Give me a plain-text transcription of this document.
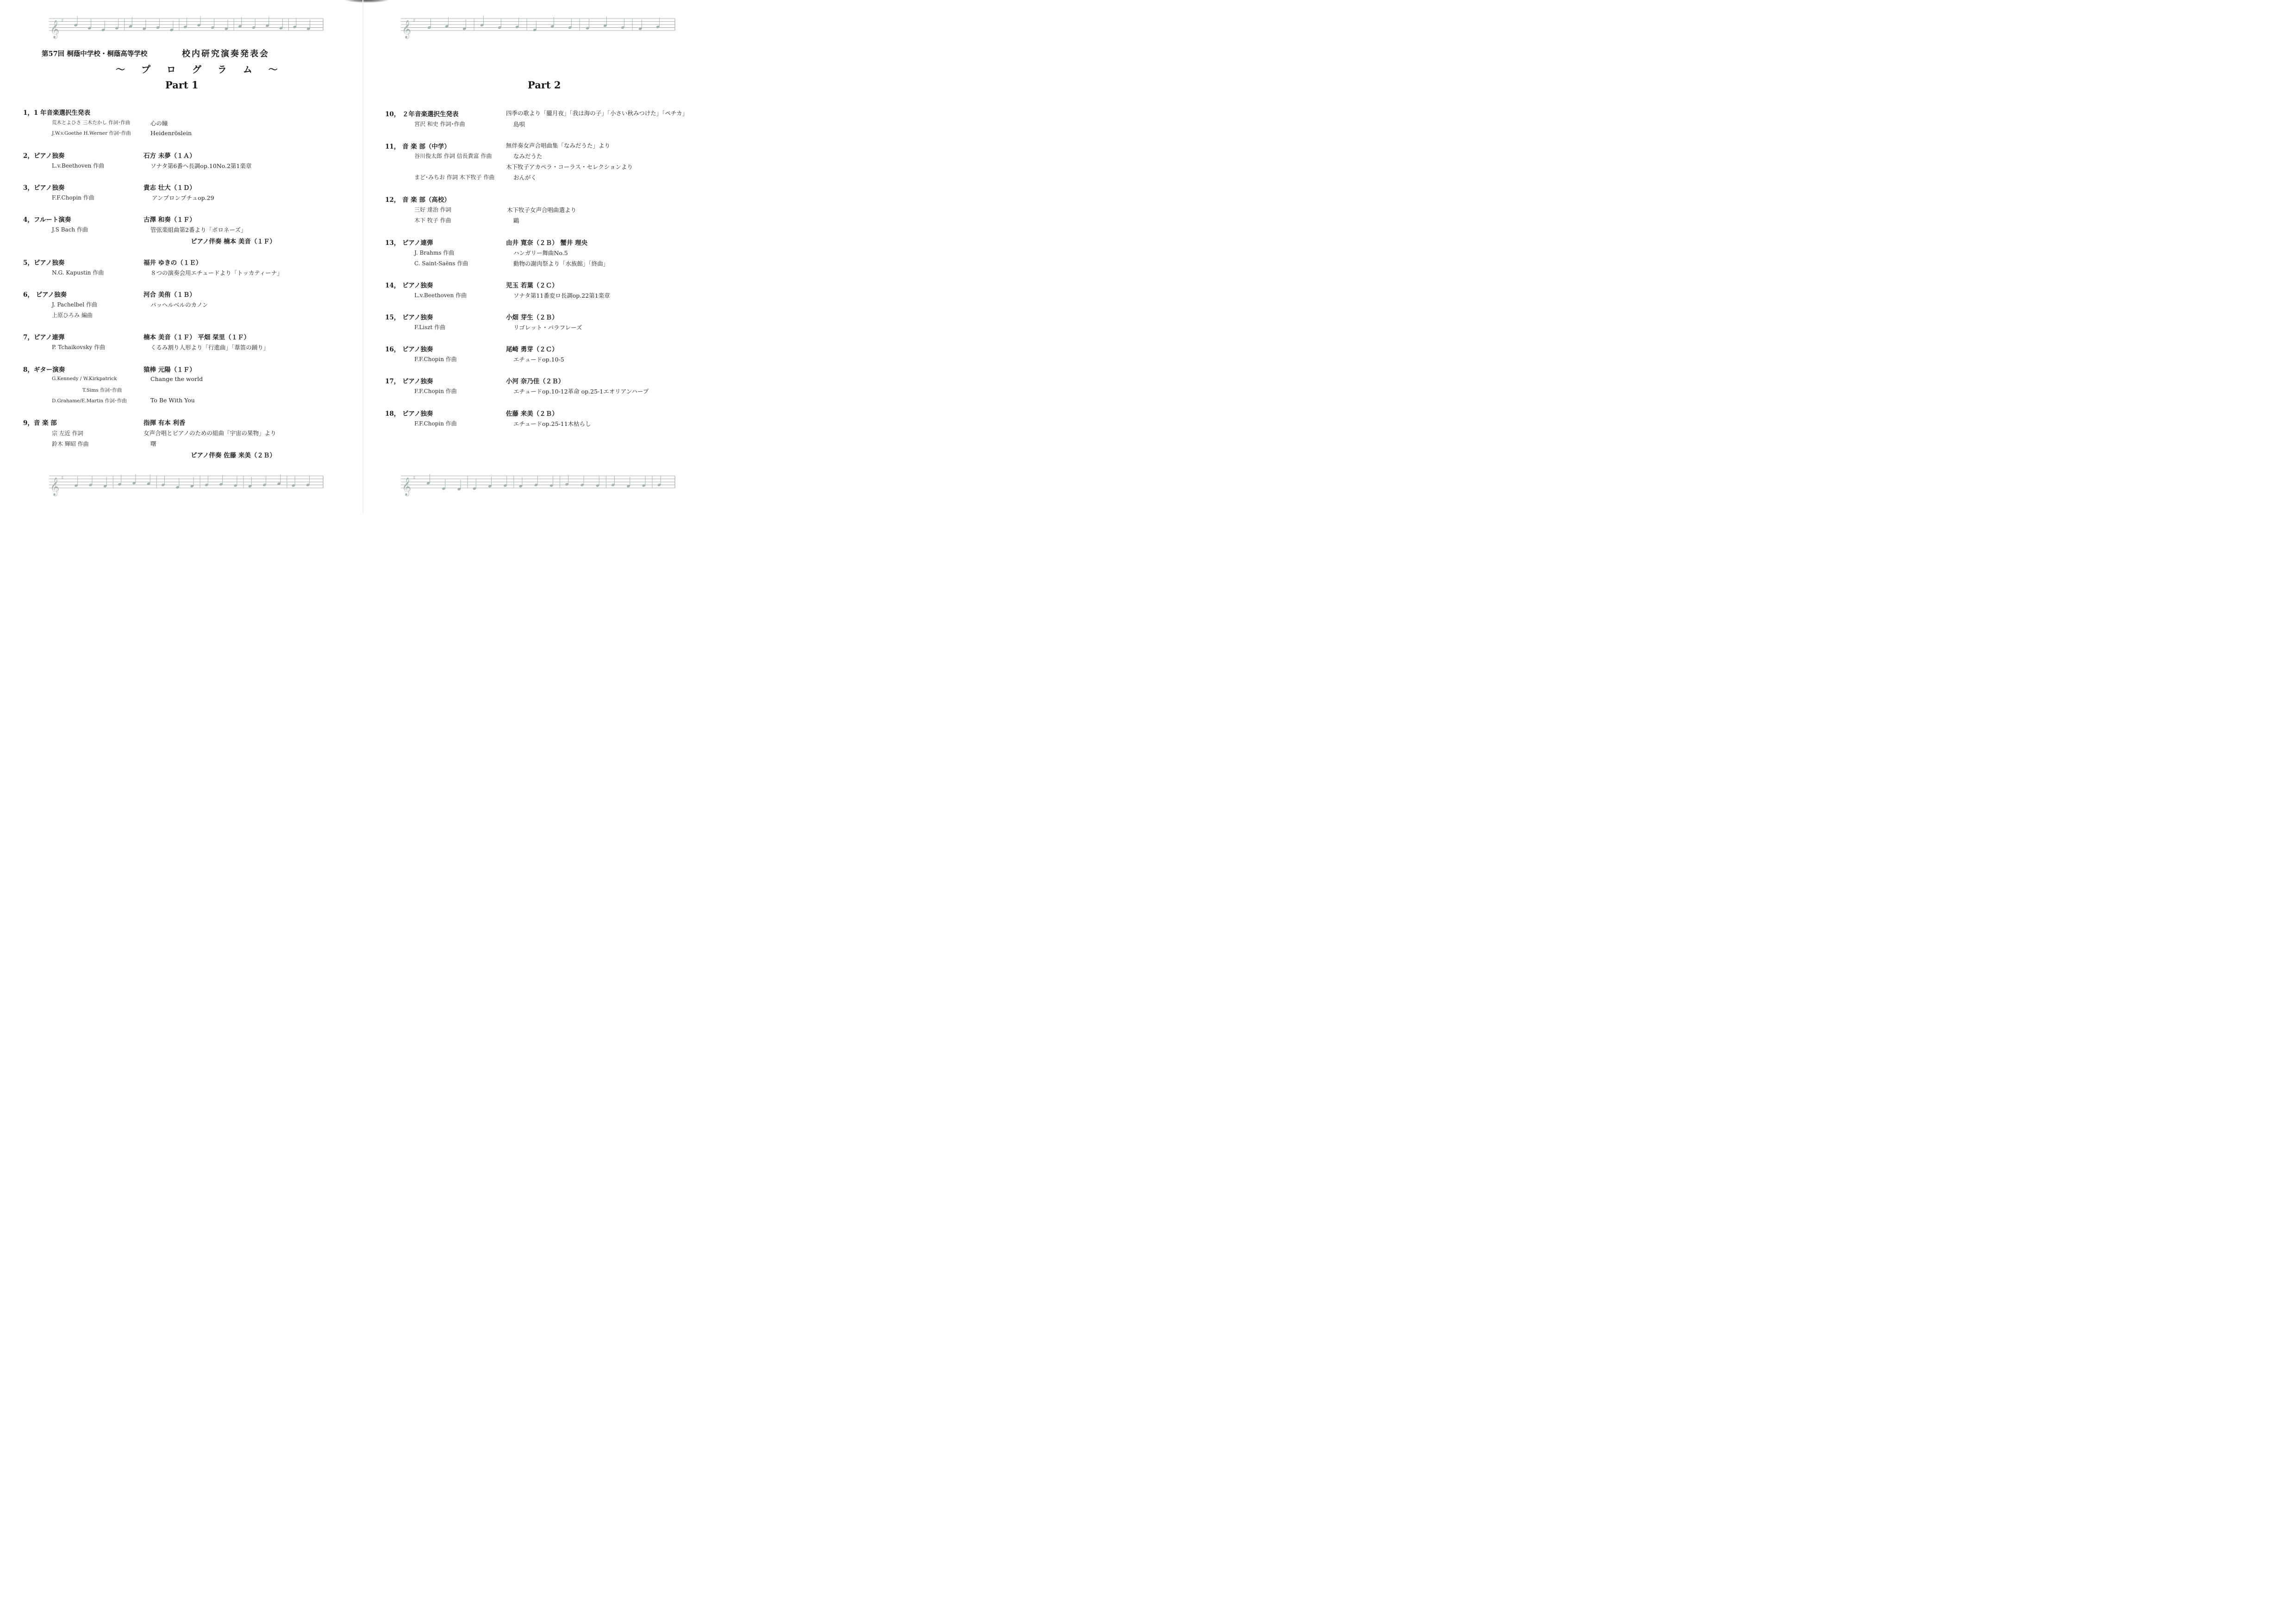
𝄞 ♯	𝄞 ♯
𝄞 ♯	𝄞 ♯
第57回 桐蔭中学校・桐蔭高等学校	校内研究演奏発表会
～ プ ロ グ ラ ム ～
Part 1	Part 2
1，1 年音楽選択生発表
荒木とよひさ 三木たかし 作詞･作曲	心の瞳
J.W.v.Goethe H.Werner 作詞･作曲	Heidenröslein
2，ピアノ独奏	石方 未夢（１Ａ）
L.v.Beethoven 作曲	ソナタ第6番ヘ長調op.10No.2第1楽章
3，ピアノ独奏	貴志 壮大（１Ｄ）
F.F.Chopin 作曲	アンプロンプチュop.29
4，フルート演奏	古澤 和奏（１Ｆ）
J.S Bach 作曲	管弦楽組曲第2番より「ポロネーズ」
ピアノ伴奏 楠本 美音（１Ｆ）
5，ピアノ独奏	福井 ゆきの（１Ｅ）
N.G. Kapustin 作曲	８つの演奏会用エチュードより「トッカティーナ」
6， ピアノ独奏	河合 美侑（１Ｂ）
J. Pachelbel 作曲	パッヘルベルのカノン
上原ひろみ 編曲
7，ピアノ連弾	楠本 美音（１Ｆ） 平畑 栞里（１Ｆ）
P. Tchaikovsky 作曲	くるみ割り人形より「行進曲」「葦笛の踊り」
8，ギター演奏	猿棒 元陽（１Ｆ）
G.Kennedy / W.Kirkpatrick	Change the world
T.Sims 作詞･作曲
D.Grahame/E.Martin 作詞･作曲	To Be With You
9，音 楽 部	指揮 有本 利香
宗 左近 作詞	女声合唱とピアノのための組曲「宇宙の果物」より
鈴木 輝昭 作曲	曙
ピアノ伴奏 佐藤 来美（２Ｂ）
10， ２年音楽選択生発表	四季の歌より「朧月夜」「我は海の子」「小さい秋みつけた」「ペチカ」
宮沢 和史 作詞･作曲	島唄
11， 音 楽 部（中学）	無伴奏女声合唱曲集「なみだうた」より
谷川俊太郎 作詞 信長貴富 作曲	なみだうた
木下牧子アカペラ・コーラス・セレクションより
まど･みちお 作詞 木下牧子 作曲	おんがく
12， 音 楽 部（高校）
三好 達治 作詞	木下牧子女声合唱曲選より
木下 牧子 作曲	鷗
13， ピアノ連弾	由井 寛奈（２Ｂ） 蟹井 理央
J. Brahms 作曲	ハンガリー舞曲No.5
C. Saint-Saëns 作曲	動物の謝肉祭より「水族館」「終曲」
14， ピアノ独奏	児玉 若葉（２Ｃ）
L.v.Beethoven 作曲	ソナタ第11番変ロ長調op.22第1楽章
15， ピアノ独奏	小畑 芽生（２Ｂ）
F.Liszt 作曲	リゴレット・パラフレーズ
16， ピアノ独奏	尾崎 勇芽（２Ｃ）
F.F.Chopin 作曲	エチュードop.10-5
17， ピアノ独奏	小河 奈乃佳（２Ｂ）
F.F.Chopin 作曲	エチュードop.10-12革命 op.25-1エオリアンハープ
18， ピアノ独奏	佐藤 来美（２Ｂ）
F.F.Chopin 作曲	エチュードop.25-11木枯らし
